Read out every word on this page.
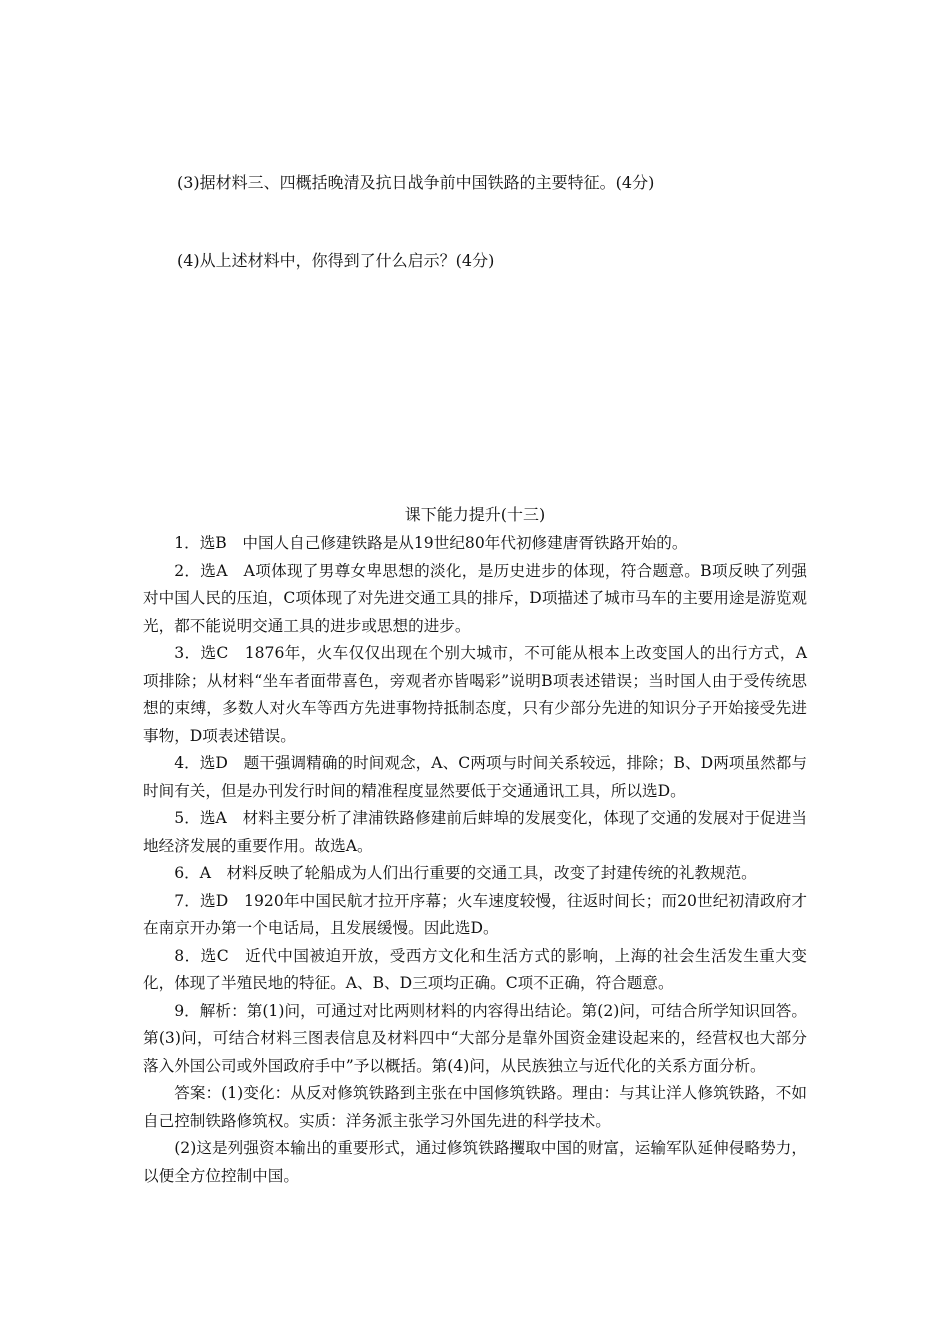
(3)据材料三、四概括晚清及抗日战争前中国铁路的主要特征。(4分)
(4)从上述材料中，你得到了什么启示？(4分)
课下能力提升(十三)

1．选B　中国人自己修建铁路是从19世纪80年代初修建唐胥铁路开始的。

2．选A　A项体现了男尊女卑思想的淡化，是历史进步的体现，符合题意。B项反映了列强对中国人民的压迫，C项体现了对先进交通工具的排斥，D项描述了城市马车的主要用途是游览观光，都不能说明交通工具的进步或思想的进步。

3．选C　1876年，火车仅仅出现在个别大城市，不可能从根本上改变国人的出行方式，A项排除；从材料“坐车者面带喜色，旁观者亦皆喝彩”说明B项表述错误；当时国人由于受传统思想的束缚，多数人对火车等西方先进事物持抵制态度，只有少部分先进的知识分子开始接受先进事物，D项表述错误。

4．选D　题干强调精确的时间观念，A、C两项与时间关系较远，排除；B、D两项虽然都与时间有关，但是办刊发行时间的精准程度显然要低于交通通讯工具，所以选D。

5．选A　材料主要分析了津浦铁路修建前后蚌埠的发展变化，体现了交通的发展对于促进当地经济发展的重要作用。故选A。

6．A　材料反映了轮船成为人们出行重要的交通工具，改变了封建传统的礼教规范。

7．选D　1920年中国民航才拉开序幕；火车速度较慢，往返时间长；而20世纪初清政府才在南京开办第一个电话局，且发展缓慢。因此选D。

8．选C　近代中国被迫开放，受西方文化和生活方式的影响，上海的社会生活发生重大变化，体现了半殖民地的特征。A、B、D三项均正确。C项不正确，符合题意。

9．解析：第(1)问，可通过对比两则材料的内容得出结论。第(2)问，可结合所学知识回答。第(3)问，可结合材料三图表信息及材料四中“大部分是靠外国资金建设起来的，经营权也大部分落入外国公司或外国政府手中”予以概括。第(4)问，从民族独立与近代化的关系方面分析。

答案：(1)变化：从反对修筑铁路到主张在中国修筑铁路。理由：与其让洋人修筑铁路，不如自己控制铁路修筑权。实质：洋务派主张学习外国先进的科学技术。

(2)这是列强资本输出的重要形式，通过修筑铁路攫取中国的财富，运输军队延伸侵略势力，以便全方位控制中国。
